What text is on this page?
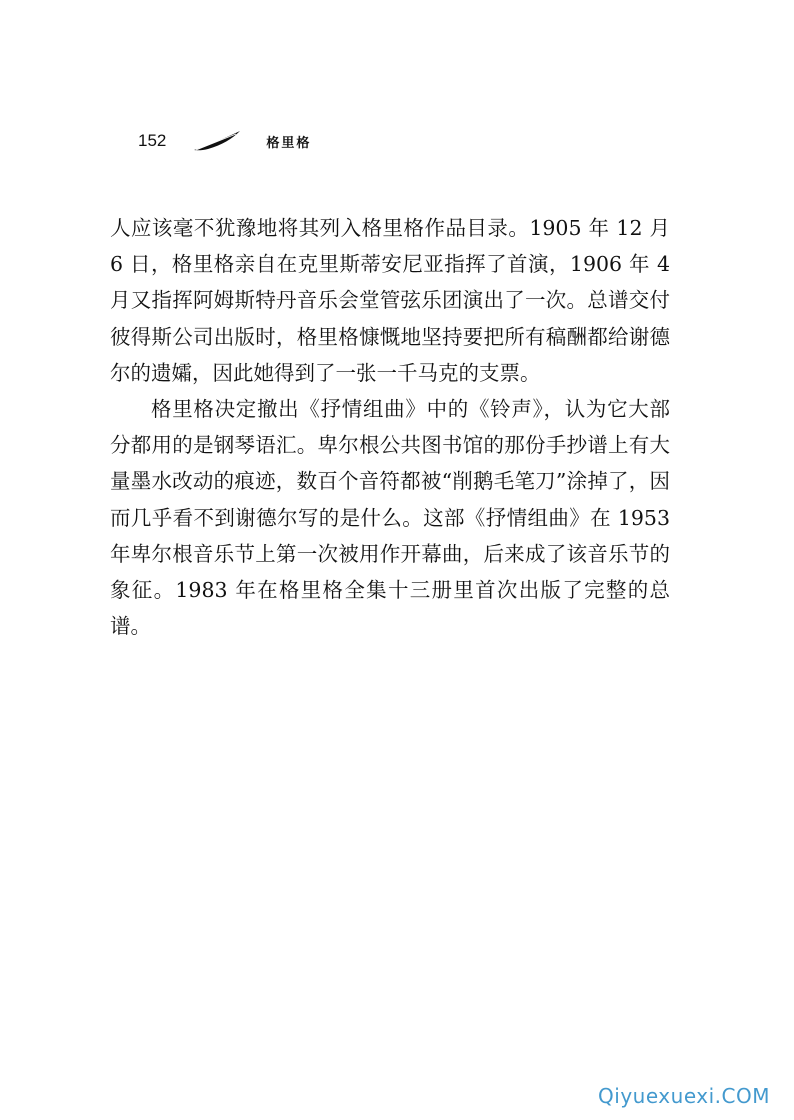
152	格里格

人应该毫不犹豫地将其列入格里格作品目录。1905 年 12 月 6 日，格里格亲自在克里斯蒂安尼亚指挥了首演，1906 年 4 月又指挥阿姆斯特丹音乐会堂管弦乐团演出了一次。总谱交付彼得斯公司出版时，格里格慷慨地坚持要把所有稿酬都给谢德尔的遗孀，因此她得到了一张一千马克的支票。

格里格决定撤出《抒情组曲》中的《铃声》，认为它大部分都用的是钢琴语汇。卑尔根公共图书馆的那份手抄谱上有大量墨水改动的痕迹，数百个音符都被“削鹅毛笔刀”涂掉了，因而几乎看不到谢德尔写的是什么。这部《抒情组曲》在 1953 年卑尔根音乐节上第一次被用作开幕曲，后来成了该音乐节的象征。1983 年在格里格全集十三册里首次出版了完整的总谱。

Qiyuexuexi.COM
